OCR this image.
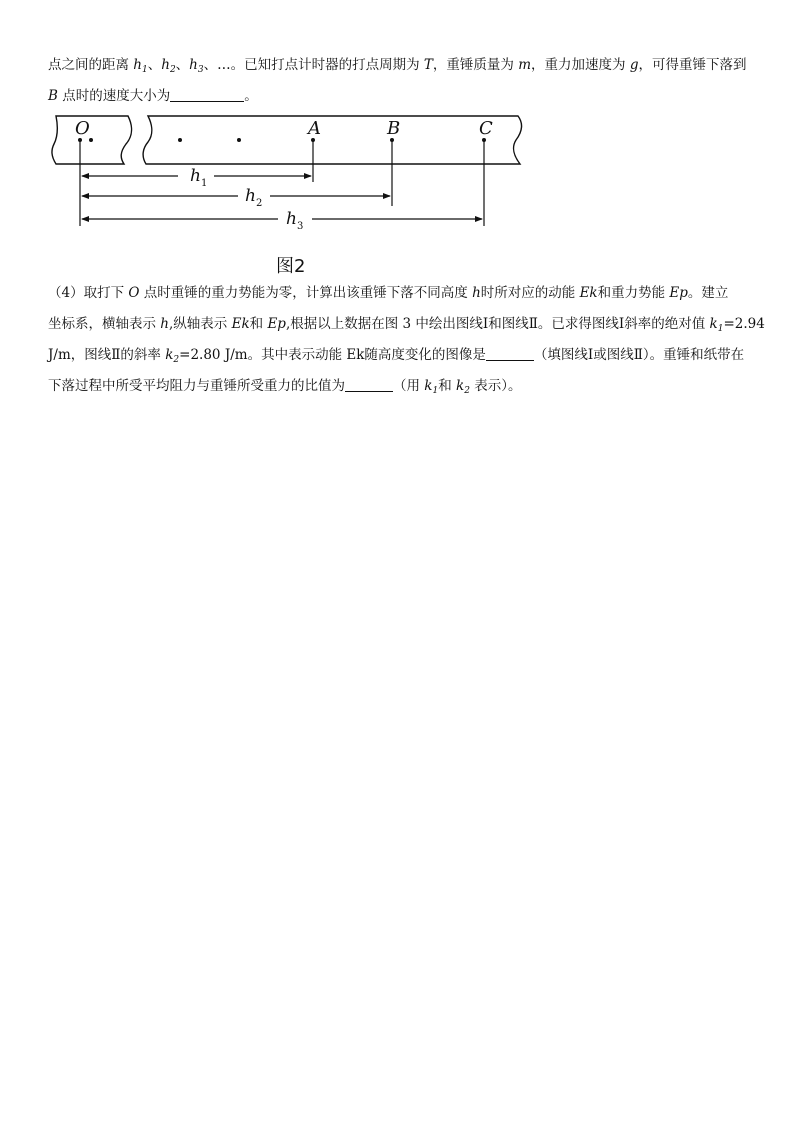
点之间的距离 $h_1$、$h_2$、$h_3$、…。已知打点计时器的打点周期为 T，重锤质量为 m，重力加速度为 g，可得重锤下落到
B 点时的速度大小为	。
O	A	B	C
h 1
h 2
h 3
图2
（4）取打下 O 点时重锤的重力势能为零，计算出该重锤下落不同高度 h时所对应的动能 Ek和重力势能 Ep。建立
坐标系，横轴表示 h,纵轴表示 Ek和 Ep,根据以上数据在图 3 中绘出图线Ⅰ和图线Ⅱ。已求得图线Ⅰ斜率的绝对值 $k_1=2.94$
J/m，图线Ⅱ的斜率 $k_2=2.80$ J/m。其中表示动能 Ek随高度变化的图像是	（填图线Ⅰ或图线Ⅱ）。重锤和纸带在
下落过程中所受平均阻力与重锤所受重力的比值为	（用 $k_1$和 $k_2$ 表示）。
